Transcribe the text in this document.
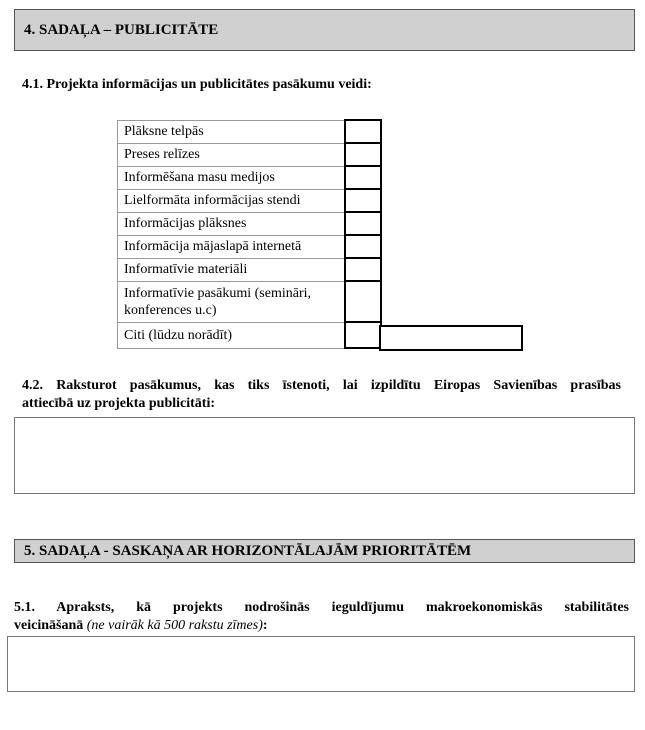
4.
SADAĻA – PUBLICITĀTE
4.1. Projekta informācijas un publicitātes pasākumu veidi:
Plāksne telpās	
Preses relīzes	
Informēšana masu medijos	
Lielformāta informācijas stendi	
Informācijas plāksnes	
Informācija mājaslapā internetā	
Informatīvie materiāli	
Informatīvie pasākumi (semināri, konferences u.c)	
Citi (lūdzu norādīt)	
4.2. Raksturot pasākumus, kas tiks īstenoti, lai izpildītu Eiropas Savienības prasības
attiecībā uz projekta publicitāti:
5.
SADAĻA - SASKAŅA AR HORIZONTĀLAJĀM PRIORITĀTĒM
5.1. Apraksts, kā projekts nodrošinās ieguldījumu makroekonomiskās stabilitātes
veicināšanā (ne vairāk kā 500 rakstu zīmes):
